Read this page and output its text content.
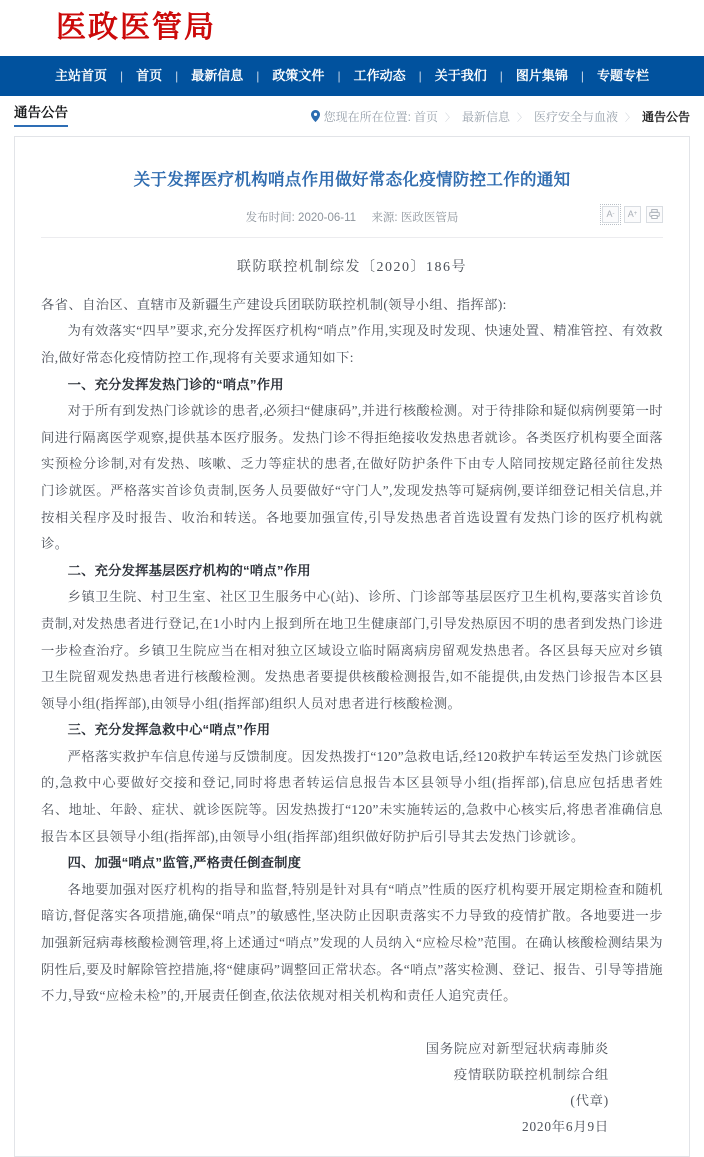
医政医管局
主站首页	|	首页	|	最新信息	|	政策文件	|	工作动态	|	关于我们	|	图片集锦	|	专题专栏
通告公告	您现在所在位置: 首页 〉 最新信息 〉 医疗安全与血液 〉 通告公告
关于发挥医疗机构哨点作用做好常态化疫情防控工作的通知
发布时间: 2020-06-11 来源: 医政医管局	A - A +
联防联控机制综发〔2020〕186号

各省、自治区、直辖市及新疆生产建设兵团联防联控机制(领导小组、指挥部):

为有效落实“四早”要求,充分发挥医疗机构“哨点”作用,实现及时发现、快速处置、精准管控、有效救治,做好常态化疫情防控工作,现将有关要求通知如下:

一、充分发挥发热门诊的“哨点”作用

对于所有到发热门诊就诊的患者,必须扫“健康码”,并进行核酸检测。对于待排除和疑似病例要第一时间进行隔离医学观察,提供基本医疗服务。发热门诊不得拒绝接收发热患者就诊。各类医疗机构要全面落实预检分诊制,对有发热、咳嗽、乏力等症状的患者,在做好防护条件下由专人陪同按规定路径前往发热门诊就医。严格落实首诊负责制,医务人员要做好“守门人”,发现发热等可疑病例,要详细登记相关信息,并按相关程序及时报告、收治和转送。各地要加强宣传,引导发热患者首选设置有发热门诊的医疗机构就诊。

二、充分发挥基层医疗机构的“哨点”作用

乡镇卫生院、村卫生室、社区卫生服务中心(站)、诊所、门诊部等基层医疗卫生机构,要落实首诊负责制,对发热患者进行登记,在1小时内上报到所在地卫生健康部门,引导发热原因不明的患者到发热门诊进一步检查治疗。乡镇卫生院应当在相对独立区域设立临时隔离病房留观发热患者。各区县每天应对乡镇卫生院留观发热患者进行核酸检测。发热患者要提供核酸检测报告,如不能提供,由发热门诊报告本区县领导小组(指挥部),由领导小组(指挥部)组织人员对患者进行核酸检测。

三、充分发挥急救中心“哨点”作用

严格落实救护车信息传递与反馈制度。因发热拨打“120”急救电话,经120救护车转运至发热门诊就医的,急救中心要做好交接和登记,同时将患者转运信息报告本区县领导小组(指挥部),信息应包括患者姓名、地址、年龄、症状、就诊医院等。因发热拨打“120”未实施转运的,急救中心核实后,将患者准确信息报告本区县领导小组(指挥部),由领导小组(指挥部)组织做好防护后引导其去发热门诊就诊。

四、加强“哨点”监管,严格责任倒查制度

各地要加强对医疗机构的指导和监督,特别是针对具有“哨点”性质的医疗机构要开展定期检查和随机暗访,督促落实各项措施,确保“哨点”的敏感性,坚决防止因职责落实不力导致的疫情扩散。各地要进一步加强新冠病毒核酸检测管理,将上述通过“哨点”发现的人员纳入“应检尽检”范围。在确认核酸检测结果为阴性后,要及时解除管控措施,将“健康码”调整回正常状态。各“哨点”落实检测、登记、报告、引导等措施不力,导致“应检未检”的,开展责任倒查,依法依规对相关机构和责任人追究责任。

国务院应对新型冠状病毒肺炎
疫情联防联控机制综合组
(代章)
2020年6月9日
